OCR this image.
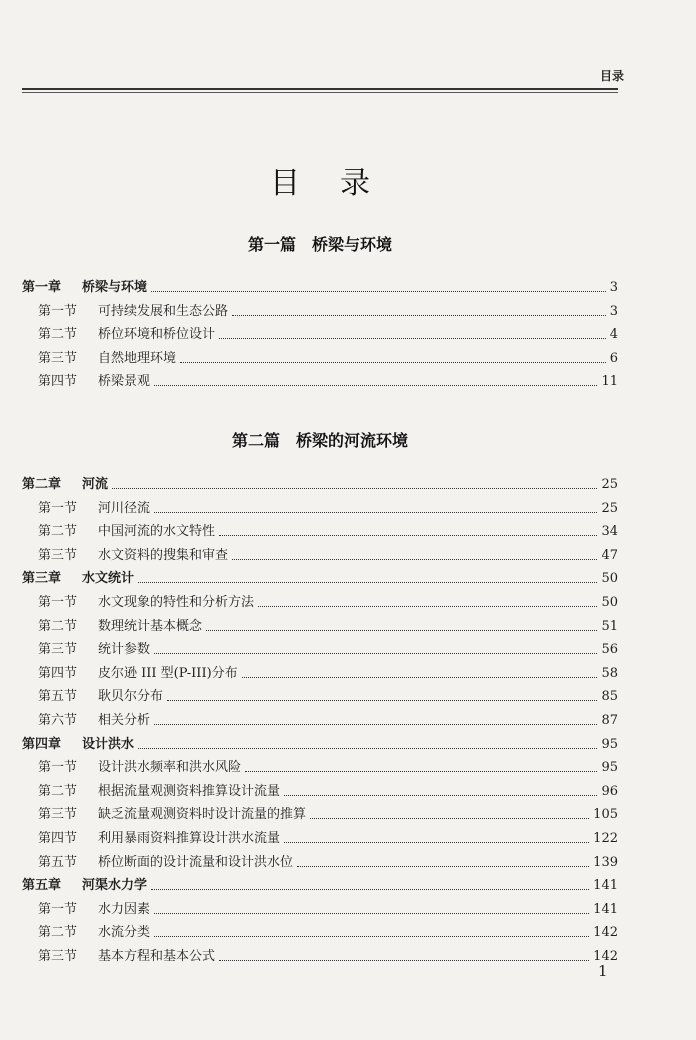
目录
目录
第一篇 桥梁与环境
第一章	桥梁与环境	3
第一节	可持续发展和生态公路	3
第二节	桥位环境和桥位设计	4
第三节	自然地理环境	6
第四节	桥梁景观	11
第二篇 桥梁的河流环境
第二章	河流	25
第一节	河川径流	25
第二节	中国河流的水文特性	34
第三节	水文资料的搜集和审查	47
第三章	水文统计	50
第一节	水文现象的特性和分析方法	50
第二节	数理统计基本概念	51
第三节	统计参数	56
第四节	皮尔逊 III 型(P-III)分布	58
第五节	耿贝尔分布	85
第六节	相关分析	87
第四章	设计洪水	95
第一节	设计洪水频率和洪水风险	95
第二节	根据流量观测资料推算设计流量	96
第三节	缺乏流量观测资料时设计流量的推算	105
第四节	利用暴雨资料推算设计洪水流量	122
第五节	桥位断面的设计流量和设计洪水位	139
第五章	河渠水力学	141
第一节	水力因素	141
第二节	水流分类	142
第三节	基本方程和基本公式	142
1
